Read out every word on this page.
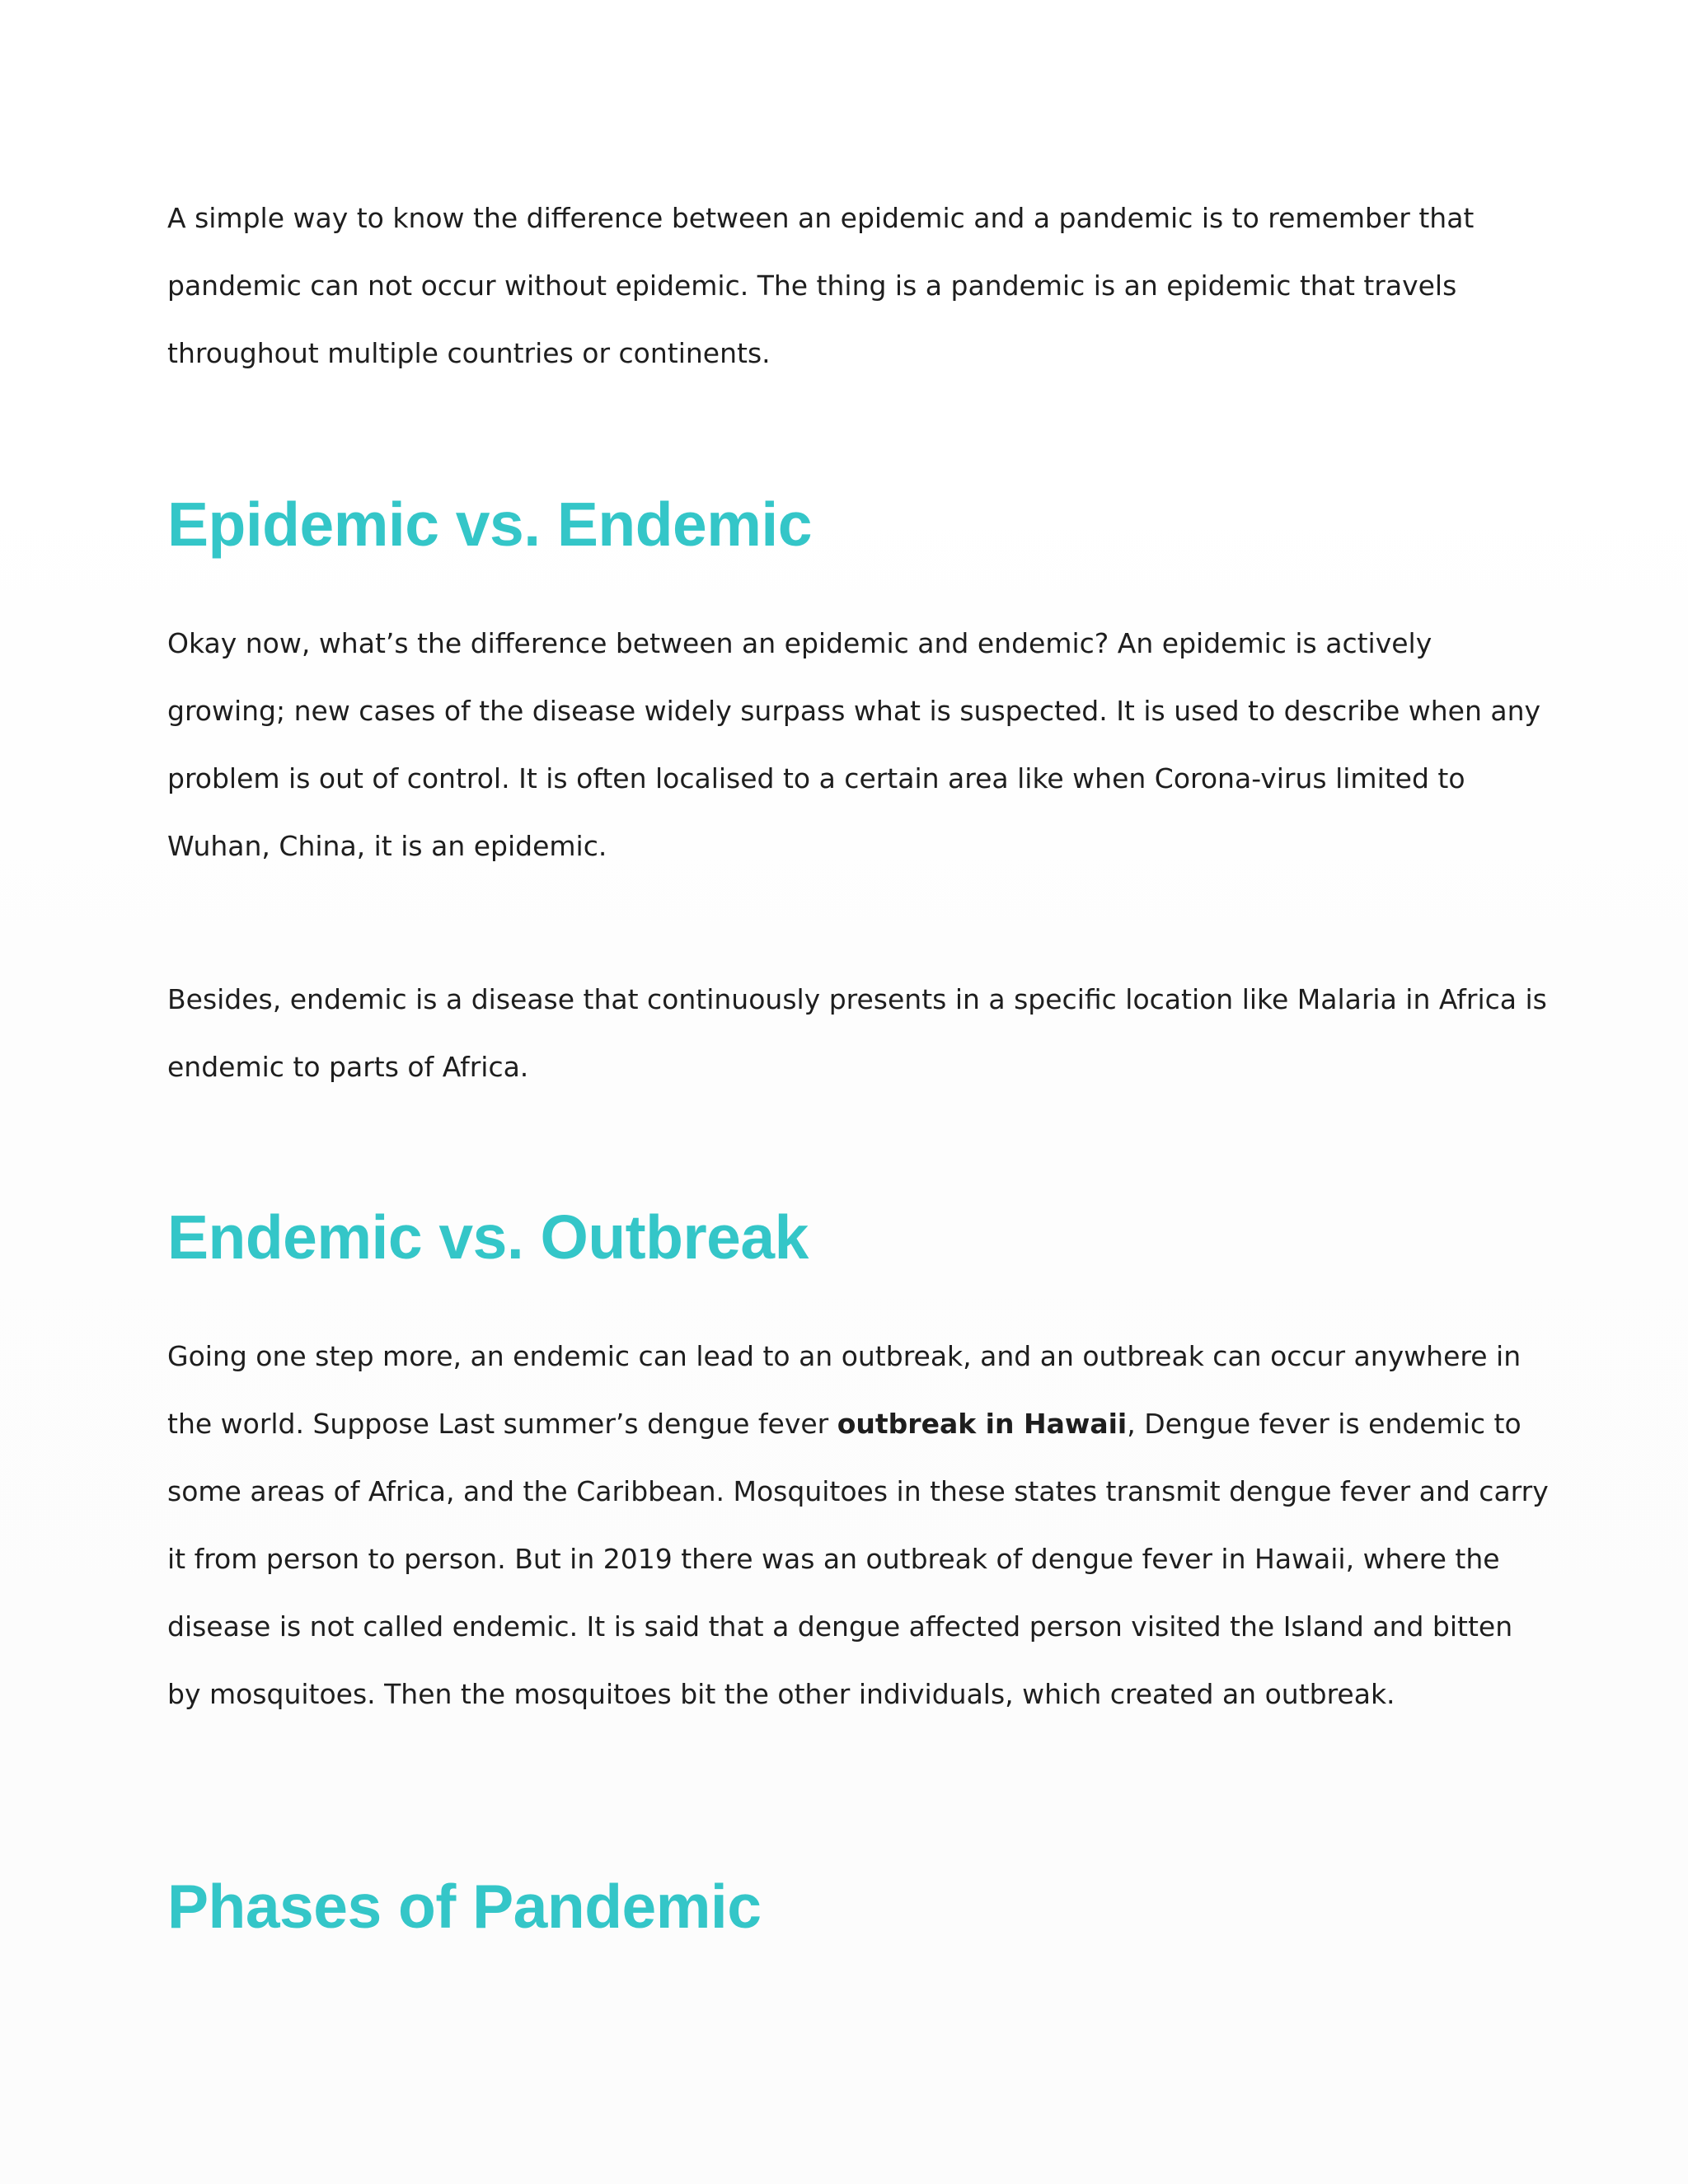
A simple way to know the difference between an epidemic and a pandemic is to remember that pandemic can not occur without epidemic. The thing is a pandemic is an epidemic that travels throughout multiple countries or continents.

Epidemic vs. Endemic

Okay now, what’s the difference between an epidemic and endemic? An epidemic is actively growing; new cases of the disease widely surpass what is suspected. It is used to describe when any problem is out of control. It is often localised to a certain area like when Corona-virus limited to Wuhan, China, it is an epidemic.

Besides, endemic is a disease that continuously presents in a specific location like Malaria in Africa is endemic to parts of Africa.

Endemic vs. Outbreak

Going one step more, an endemic can lead to an outbreak, and an outbreak can occur anywhere in the world. Suppose Last summer’s dengue fever outbreak in Hawaii, Dengue fever is endemic to some areas of Africa, and the Caribbean. Mosquitoes in these states transmit dengue fever and carry it from person to person. But in 2019 there was an outbreak of dengue fever in Hawaii, where the disease is not called endemic. It is said that a dengue affected person visited the Island and bitten by mosquitoes. Then the mosquitoes bit the other individuals, which created an outbreak.

Phases of Pandemic
